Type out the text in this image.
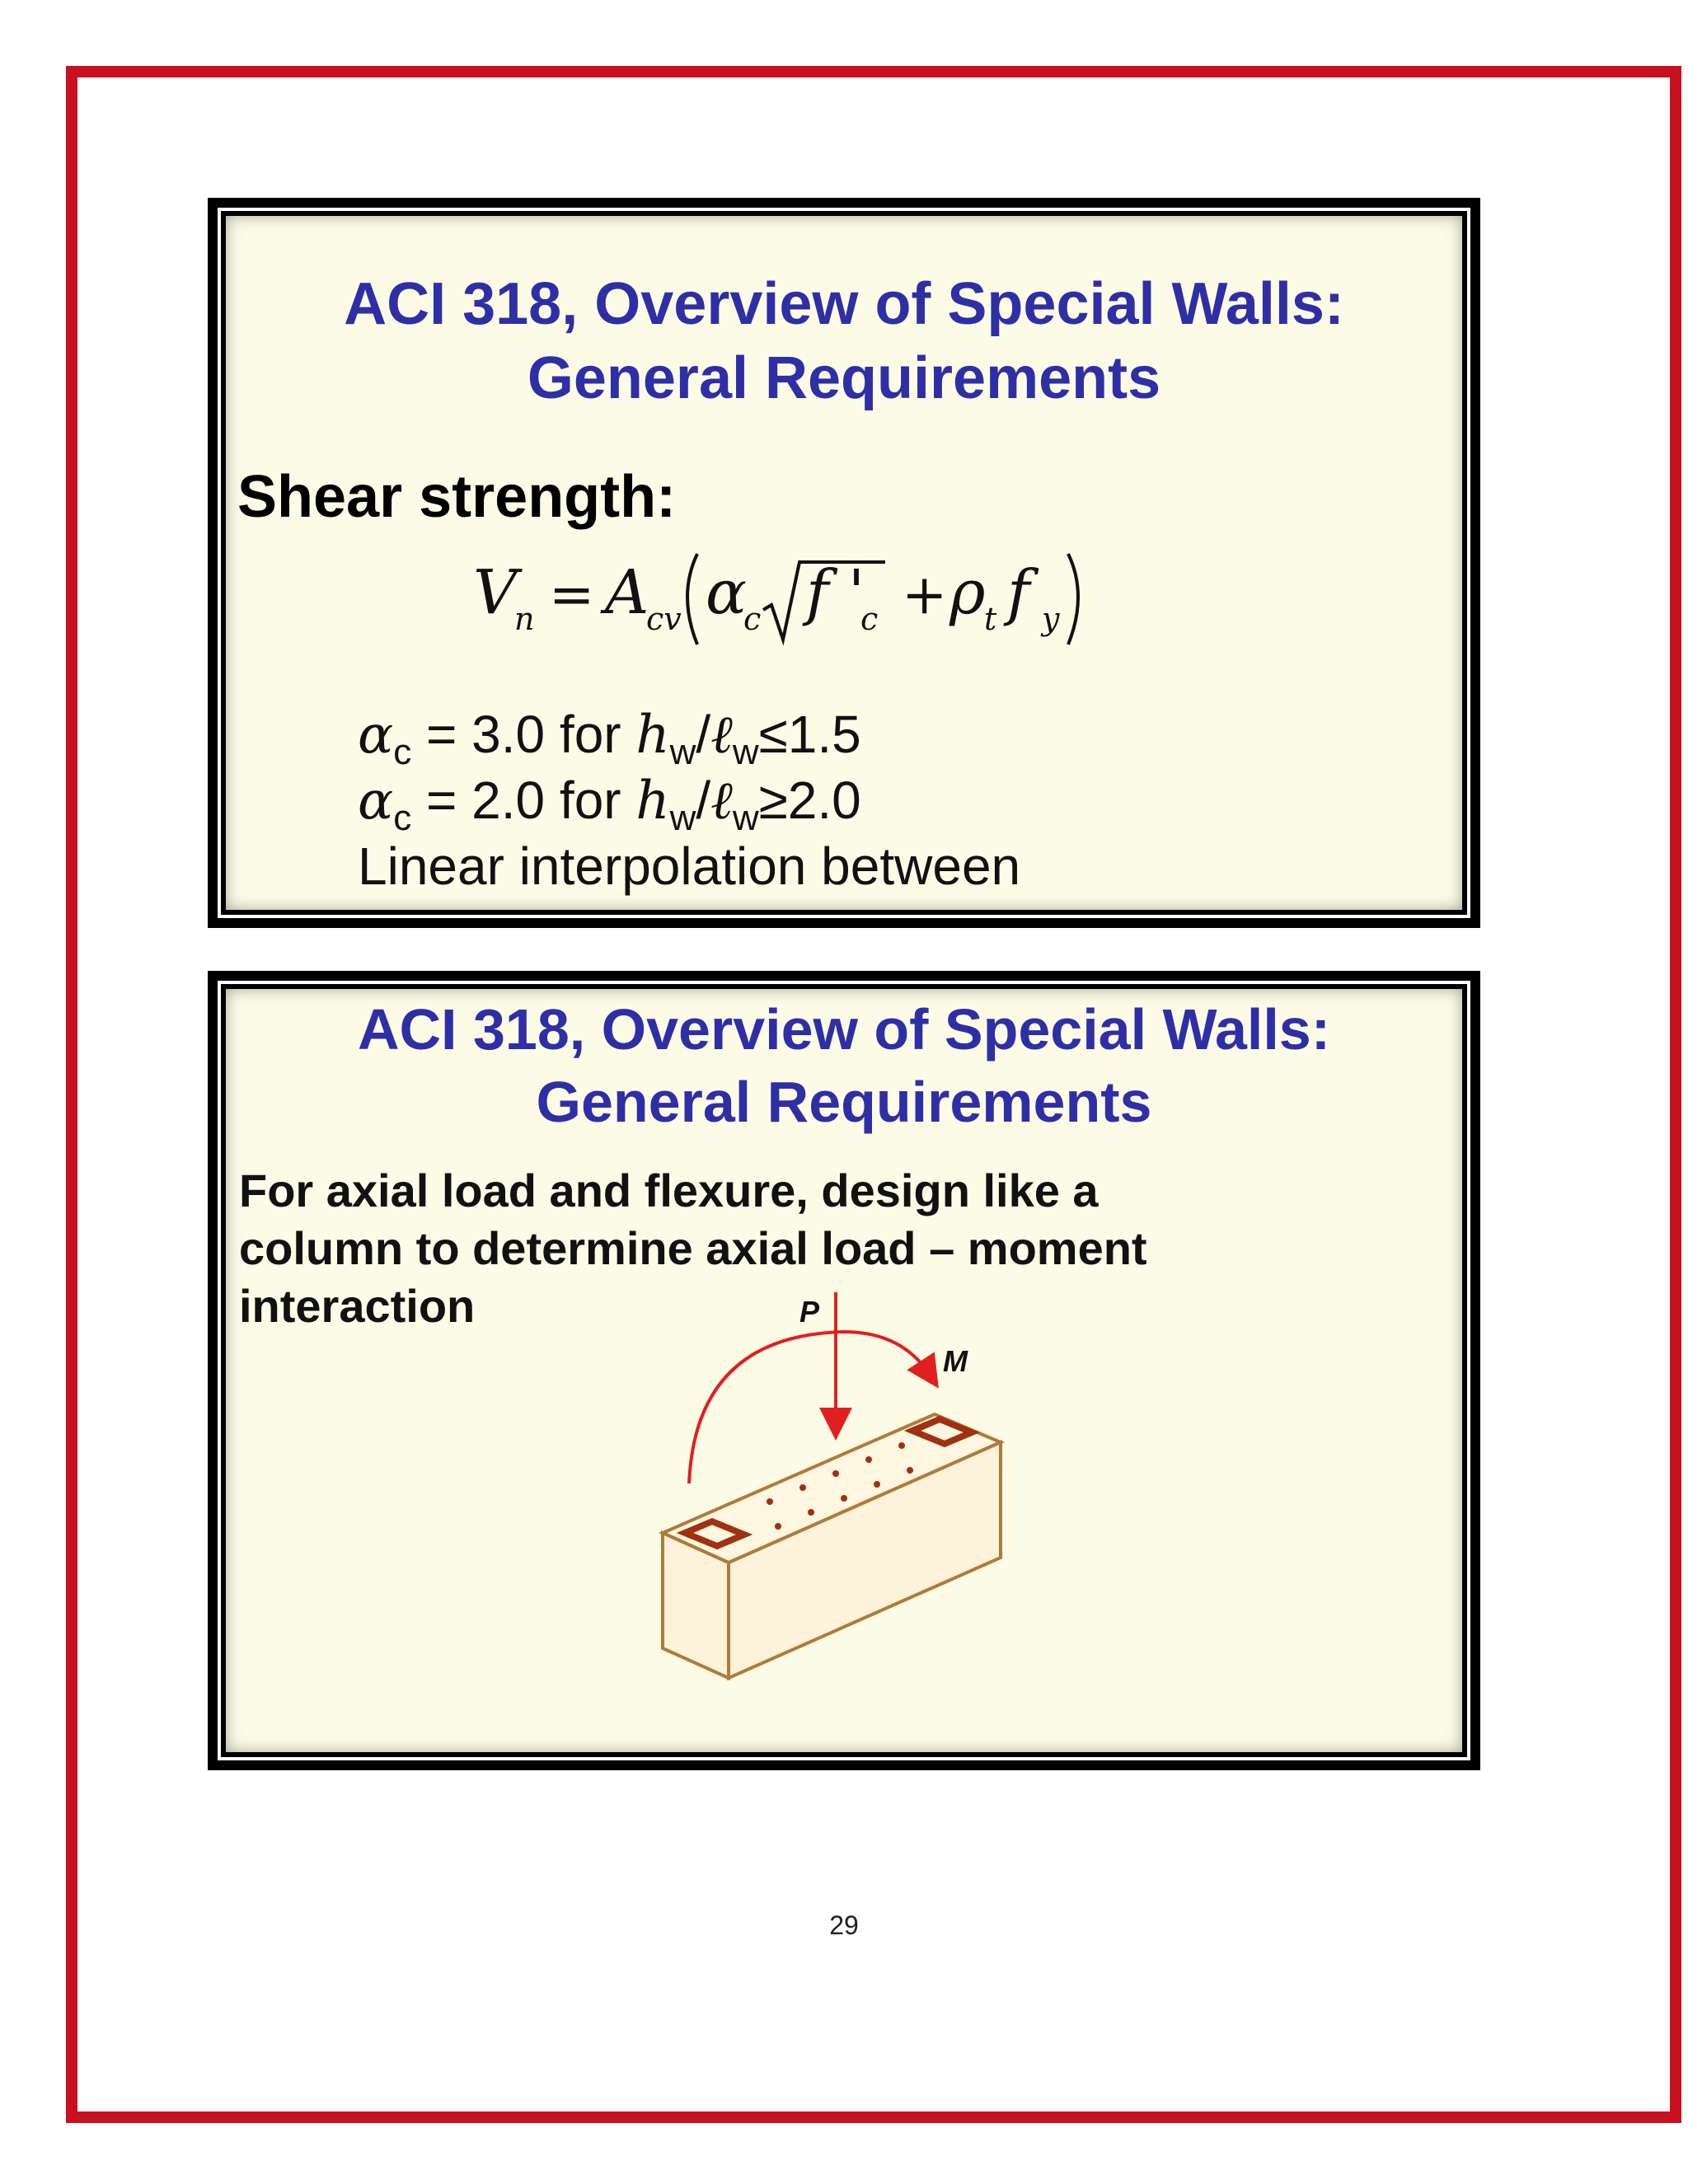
ACI 318, Overview of Special Walls:
General Requirements
Shear strength:
V
n = A
cv α
c f '
c + ρ
t f y
$\alpha_c = 3.0$ for $h_w/\ell_w\le 1.5$
$\alpha_c = 2.0$ for $h_w/\ell_w\ge 2.0$
Linear interpolation between
ACI 318, Overview of Special Walls:
General Requirements
For axial load and flexure, design like a
column to determine axial load – moment
interaction	P
M
29
